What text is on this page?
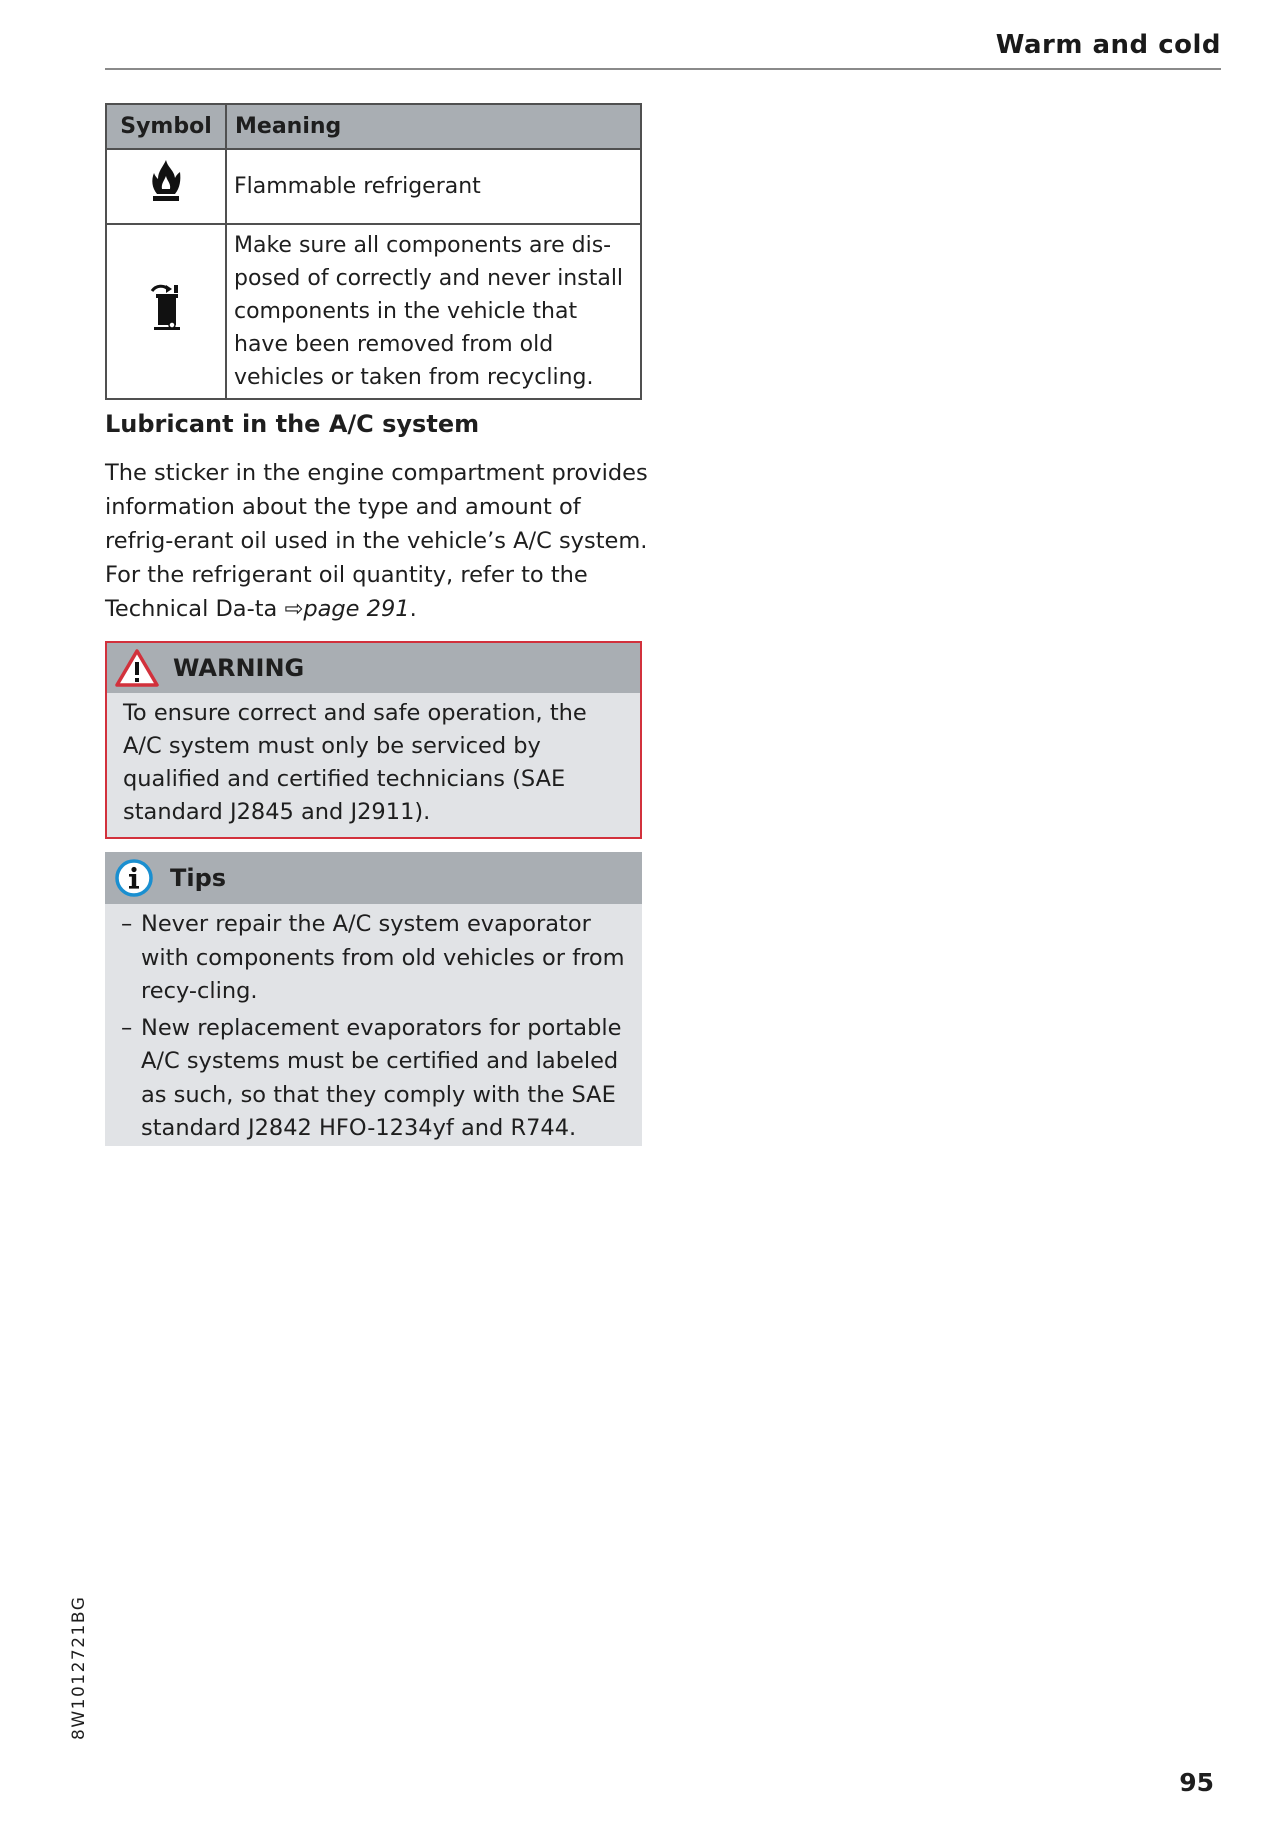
Warm and cold
Symbol	Meaning
	Flammable refrigerant
	Make sure all components are dis-posed of correctly and never install components in the vehicle that have been removed from old vehicles or taken from recycling.
Lubricant in the A/C system
The sticker in the engine compartment provides information about the type and amount of refrig-erant oil used in the vehicle’s A/C system. For the refrigerant oil quantity, refer to the Technical Da-ta ⇨page 291.
WARNING
To ensure correct and safe operation, the A/C system must only be serviced by qualified and certified technicians (SAE standard J2845 and J2911).
Tips
– Never repair the A/C system evaporator with components from old vehicles or from recy-cling.
– New replacement evaporators for portable A/C systems must be certified and labeled as such, so that they comply with the SAE standard J2842 HFO-1234yf and R744.
8W1012721BG
95
